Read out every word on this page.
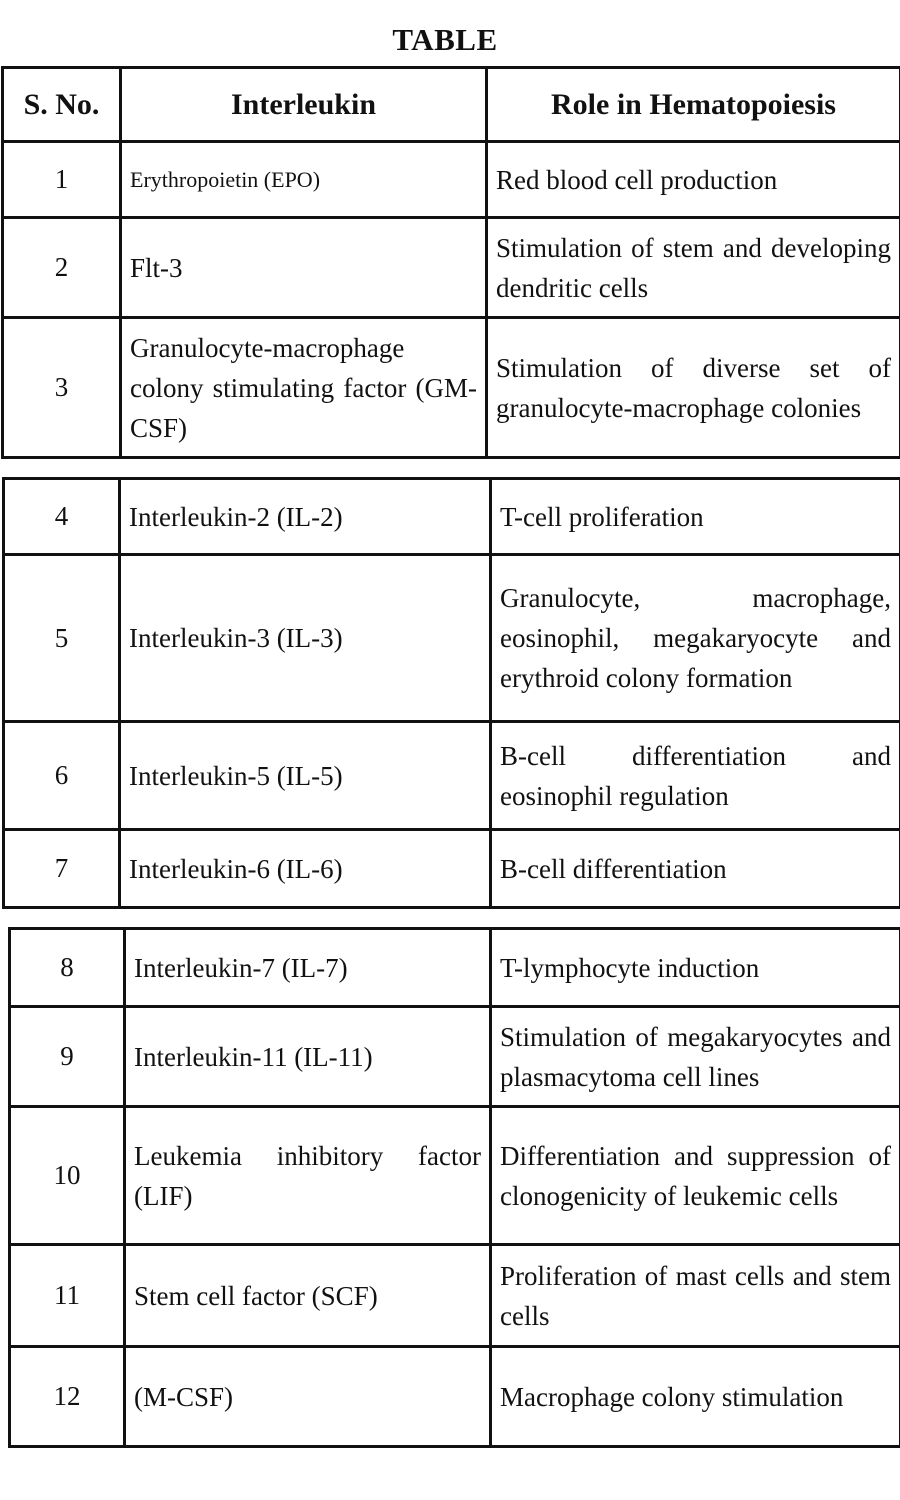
TABLE
S. No.	Interleukin	Role in Hematopoiesis
1	Erythropoietin (EPO)	Red blood cell production

2	Flt-3	Stimulation of stem and developing dendritic cells

3	Granulocyte-macrophage colony stimulating factor (GM-CSF)	Stimulation of diverse set of granulocyte-macrophage colonies
4	Interleukin-2 (IL-2)	T-cell proliferation

5	Interleukin-3 (IL-3)	Granulocyte, macrophage, eosinophil, megakaryocyte and erythroid colony formation

6	Interleukin-5 (IL-5)	B-cell differentiation and eosinophil regulation

7	Interleukin-6 (IL-6)	B-cell differentiation
8	Interleukin-7 (IL-7)	T-lymphocyte induction

9	Interleukin-11 (IL-11)	Stimulation of megakaryocytes and plasmacytoma cell lines

10	Leukemia inhibitory factor (LIF)	Differentiation and suppression of clonogenicity of leukemic cells

11	Stem cell factor (SCF)	Proliferation of mast cells and stem cells

12	(M-CSF)	Macrophage colony stimulation
